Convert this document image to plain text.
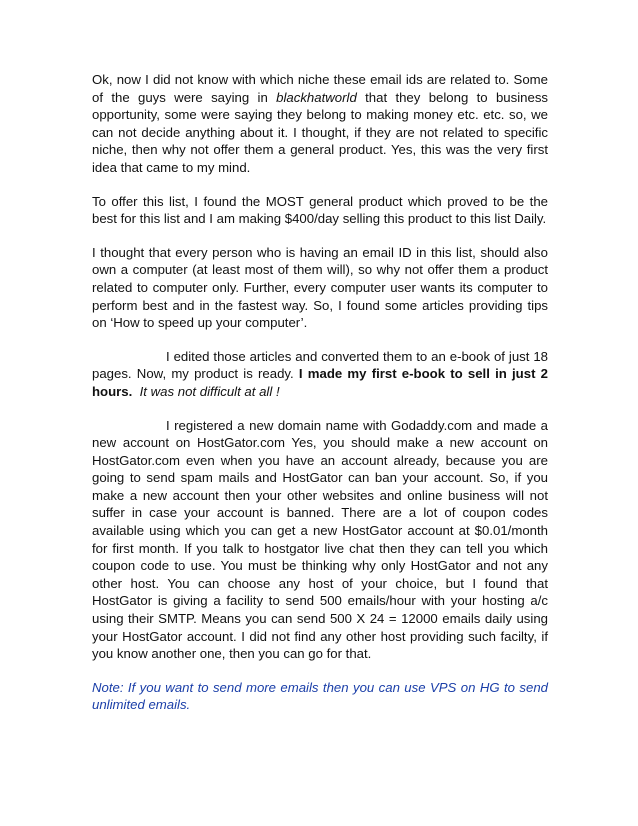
Ok, now I did not know with which niche these email ids are related to. Some of the guys were saying in blackhatworld that they belong to business opportunity, some were saying they belong to making money etc. etc. so, we can not decide anything about it. I thought, if they are not related to specific niche, then why not offer them a general product. Yes, this was the very first idea that came to my mind.

To offer this list, I found the MOST general product which proved to be the best for this list and I am making $400/day selling this product to this list Daily.

I thought that every person who is having an email ID in this list, should also own a computer (at least most of them will), so why not offer them a product related to computer only. Further, every computer user wants its computer to perform best and in the fastest way. So, I found some articles providing tips on ‘How to speed up your computer’.

I edited those articles and converted them to an e-book of just 18 pages. Now, my product is ready. I made my first e-book to sell in just 2 hours. It was not difficult at all !

I registered a new domain name with Godaddy.com and made a new account on HostGator.com Yes, you should make a new account on HostGator.com even when you have an account already, because you are going to send spam mails and HostGator can ban your account. So, if you make a new account then your other websites and online business will not suffer in case your account is banned. There are a lot of coupon codes available using which you can get a new HostGator account at $0.01/month for first month. If you talk to hostgator live chat then they can tell you which coupon code to use. You must be thinking why only HostGator and not any other host. You can choose any host of your choice, but I found that HostGator is giving a facility to send 500 emails/hour with your hosting a/c using their SMTP. Means you can send 500 X 24 = 12000 emails daily using your HostGator account. I did not find any other host providing such facilty, if you know another one, then you can go for that.

Note: If you want to send more emails then you can use VPS on HG to send unlimited emails.
